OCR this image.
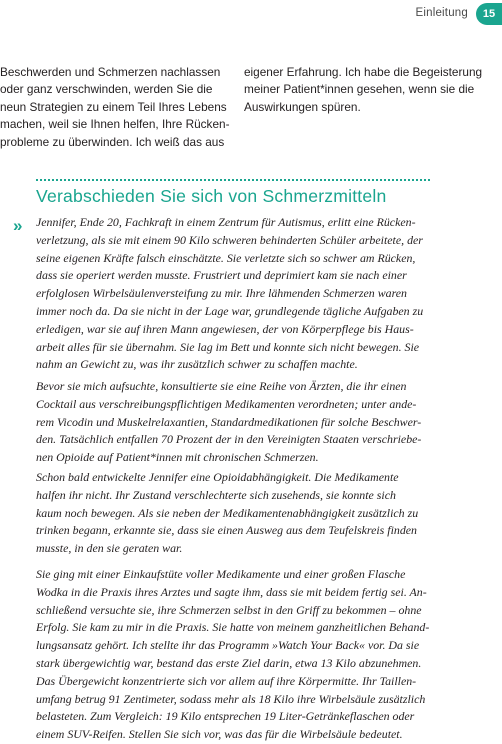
Einleitung	15
Beschwerden und Schmerzen nachlassen
oder ganz verschwinden, werden Sie die
neun Strategien zu einem Teil Ihres Lebens
machen, weil sie Ihnen helfen, Ihre Rücken-
probleme zu überwinden. Ich weiß das aus
eigener Erfahrung. Ich habe die Begeisterung
meiner Patient*innen gesehen, wenn sie die
Auswirkungen spüren.
Verabschieden Sie sich von Schmerzmitteln
» Jennifer, Ende 20, Fachkraft in einem Zentrum für Autismus, erlitt eine Rücken-
verletzung, als sie mit einem 90 Kilo schweren behinderten Schüler arbeitete, der
seine eigenen Kräfte falsch einschätzte. Sie verletzte sich so schwer am Rücken,
dass sie operiert werden musste. Frustriert und deprimiert kam sie nach einer
erfolglosen Wirbelsäulenversteifung zu mir. Ihre lähmenden Schmerzen waren
immer noch da. Da sie nicht in der Lage war, grundlegende tägliche Aufgaben zu
erledigen, war sie auf ihren Mann angewiesen, der von Körperpflege bis Haus-
arbeit alles für sie übernahm. Sie lag im Bett und konnte sich nicht bewegen. Sie
nahm an Gewicht zu, was ihr zusätzlich schwer zu schaffen machte.
Bevor sie mich aufsuchte, konsultierte sie eine Reihe von Ärzten, die ihr einen
Cocktail aus verschreibungspflichtigen Medikamenten verordneten; unter ande-
rem Vicodin und Muskelrelaxantien, Standardmedikationen für solche Beschwer-
den. Tatsächlich entfallen 70 Prozent der in den Vereinigten Staaten verschriebe-
nen Opioide auf Patient*innen mit chronischen Schmerzen.
Schon bald entwickelte Jennifer eine Opioidabhängigkeit. Die Medikamente
halfen ihr nicht. Ihr Zustand verschlechterte sich zusehends, sie konnte sich
kaum noch bewegen. Als sie neben der Medikamentenabhängigkeit zusätzlich zu
trinken begann, erkannte sie, dass sie einen Ausweg aus dem Teufelskreis finden
musste, in den sie geraten war.
Sie ging mit einer Einkaufstüte voller Medikamente und einer großen Flasche
Wodka in die Praxis ihres Arztes und sagte ihm, dass sie mit beidem fertig sei. An-
schließend versuchte sie, ihre Schmerzen selbst in den Griff zu bekommen – ohne
Erfolg. Sie kam zu mir in die Praxis. Sie hatte von meinem ganzheitlichen Behand-
lungsansatz gehört. Ich stellte ihr das Programm »Watch Your Back« vor. Da sie
stark übergewichtig war, bestand das erste Ziel darin, etwa 13 Kilo abzunehmen.
Das Übergewicht konzentrierte sich vor allem auf ihre Körpermitte. Ihr Taillen-
umfang betrug 91 Zentimeter, sodass mehr als 18 Kilo ihre Wirbelsäule zusätzlich
belasteten. Zum Vergleich: 19 Kilo entsprechen 19 Liter-Getränkeflaschen oder
einem SUV-Reifen. Stellen Sie sich vor, was das für die Wirbelsäule bedeutet.
